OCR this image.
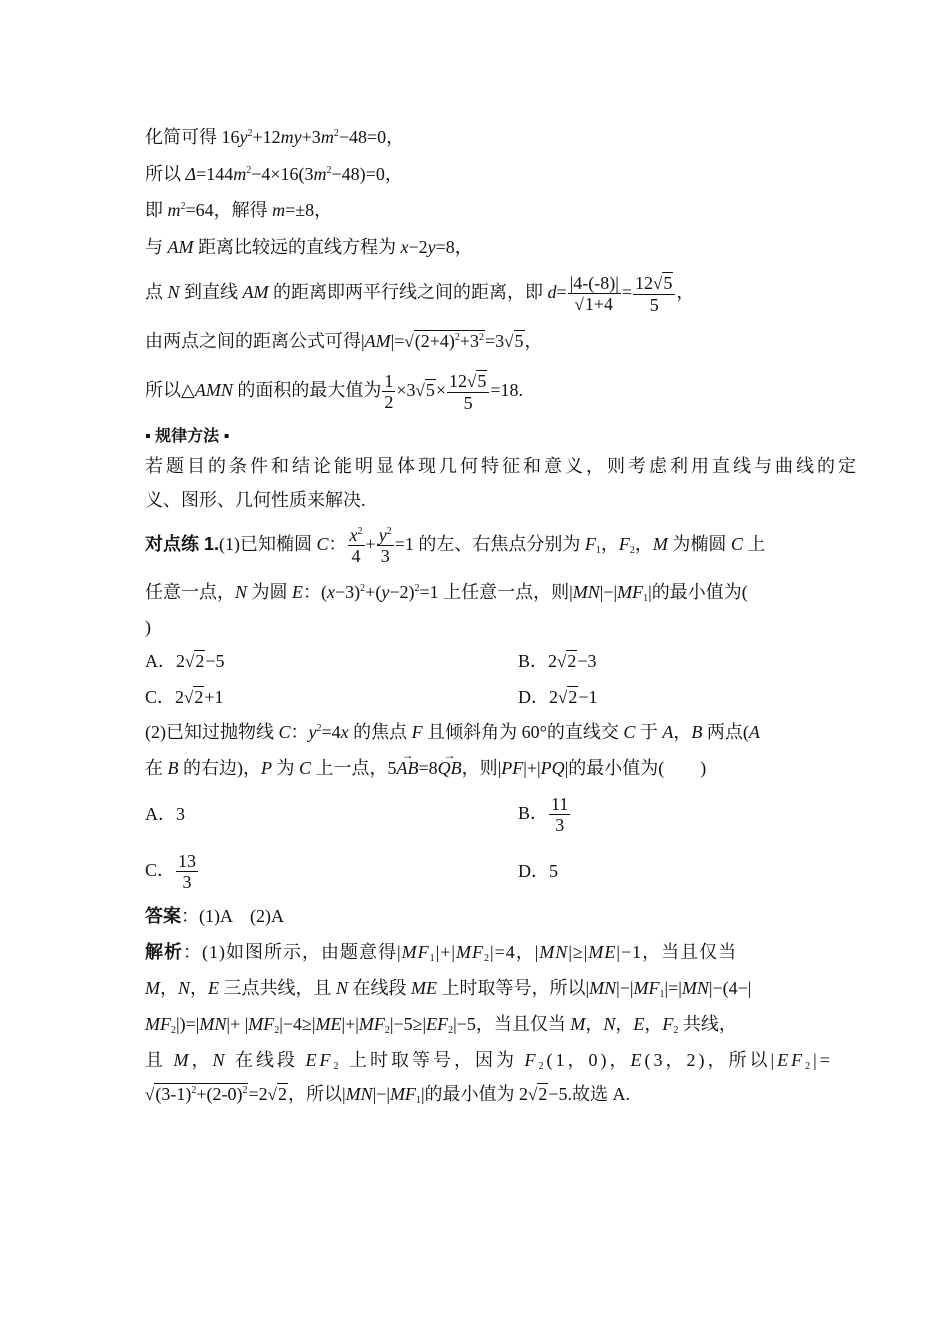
化简可得 $16y^2+12my+3m^2-48=0$，
所以 $\Delta=144m^2-4\times 16(3m^2-48)=0$，
即 $m^2=64$，解得 m=±8，
与 AM 距离比较远的直线方程为 x−2y=8，
点 N 到直线 AM 的距离即两平行线之间的距离，即 $d= \frac{|4-(-8)|}{√1+4} = \frac{12√5}{5}$ ，
由两点之间的距离公式可得$|AM|=√(2+4)^2+3^2=3√5$，
所以△AMN 的面积的最大值为 $\frac{1}{2} \times 3√5\times \frac{12√5}{5} =18$.
▪ 规律方法 ▪
若题目的条件和结论能明显体现几何特征和意义，则考虑利用直线与曲线的定
义、图形、几何性质来解决.
对点练 1.(1)已知椭圆 C： $\frac{x^2}{4} + \frac{y^2}{3} =1$ 的左、右焦点分别为 $F_1$，$F_2$，M 为椭圆 C 上
任意一点，N 为圆 E：$(x-3)^2+(y-2)^2=1$ 上任意一点，则$|MN|-|MF_1|$的最小值为(
)
A．2√2−5	B．2√2−3
C．2√2+1	D．2√2−1
(2)已知过抛物线 C：$y^2=4x$ 的焦点 F 且倾斜角为 60°的直线交 C 于 A，B 两点(A
在 B 的右边)，P 为 C 上一点，5→ AB=8→ QB，则|PF|+|PQ|的最小值为(　　)
A．3	B． $\frac{11}{3}$
C． $\frac{13}{3}$	D．5
答案：(1)A　(2)A
解析：(1)如图所示，由题意得$|MF_1|+|MF_2|=4$，|MN|≥|ME|−1，当且仅当
M，N，E 三点共线，且 N 在线段 ME 上时取等号，所以$|MN|-|MF_1|=|MN|-(4-|$
$MF_2|)=|MN|+ |MF_2|-4\ge|ME|+|MF_2|-5\ge|EF_2|-5$，当且仅当 M，N，E，$F_2$ 共线，
且 M，N 在线段 $EF_2$ 上时取等号，因为 $F_2(1$，0)，E(3，2)，所以$|EF_2|=$
$√(3-1)^2+(2-0)^2=2√2$，所以$|MN|-|MF_1|$的最小值为 2√2−5.故选 A.
